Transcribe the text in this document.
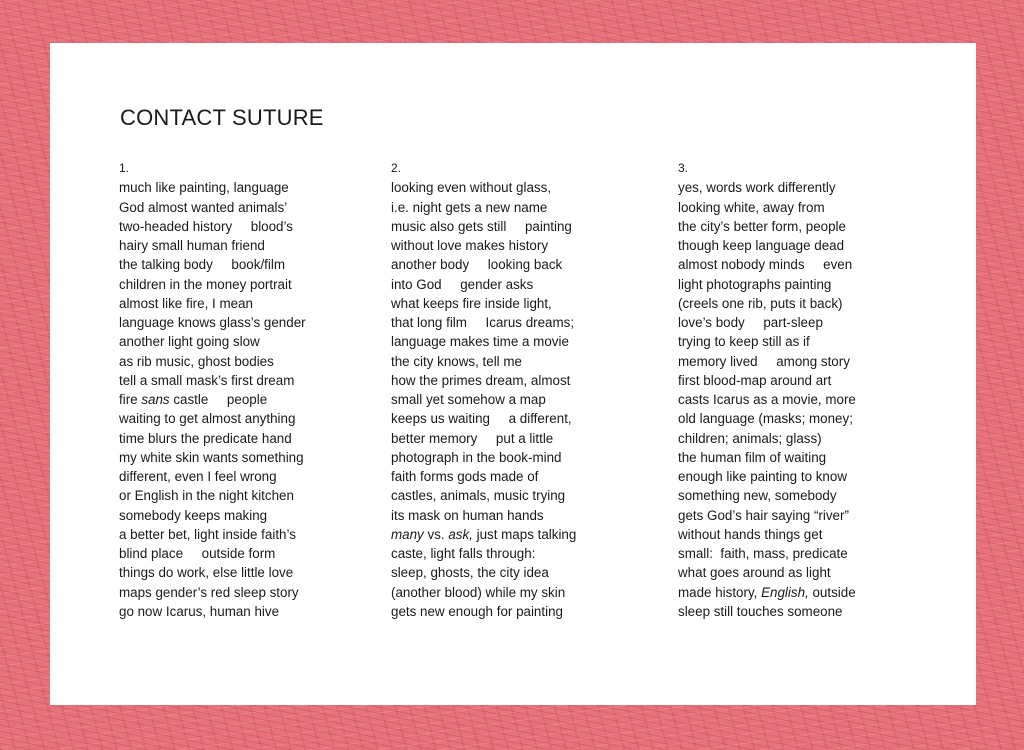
CONTACT SUTURE
1.
much like painting, language
God almost wanted animals’
two-headed history     blood’s
hairy small human friend
the talking body     book/film
children in the money portrait
almost like fire, I mean
language knows glass’s gender
another light going slow
as rib music, ghost bodies
tell a small mask’s first dream
fire sans castle     people
waiting to get almost anything
time blurs the predicate hand
my white skin wants something
different, even I feel wrong
or English in the night kitchen
somebody keeps making
a better bet, light inside faith’s
blind place     outside form
things do work, else little love
maps gender’s red sleep story
go now Icarus, human hive
2.
looking even without glass,
i.e. night gets a new name
music also gets still     painting
without love makes history
another body     looking back
into God     gender asks
what keeps fire inside light,
that long film     Icarus dreams;
language makes time a movie
the city knows, tell me
how the primes dream, almost
small yet somehow a map
keeps us waiting     a different,
better memory     put a little
photograph in the book-mind
faith forms gods made of
castles, animals, music trying
its mask on human hands
many vs. ask, just maps talking
caste, light falls through:
sleep, ghosts, the city idea
(another blood) while my skin
gets new enough for painting
3.
yes, words work differently
looking white, away from
the city’s better form, people
though keep language dead
almost nobody minds     even
light photographs painting
(creels one rib, puts it back)
love’s body     part-sleep
trying to keep still as if
memory lived     among story
first blood-map around art
casts Icarus as a movie, more
old language (masks; money;
children; animals; glass)
the human film of waiting
enough like painting to know
something new, somebody
gets God’s hair saying “river”
without hands things get
small:  faith, mass, predicate
what goes around as light
made history, English, outside
sleep still touches someone
